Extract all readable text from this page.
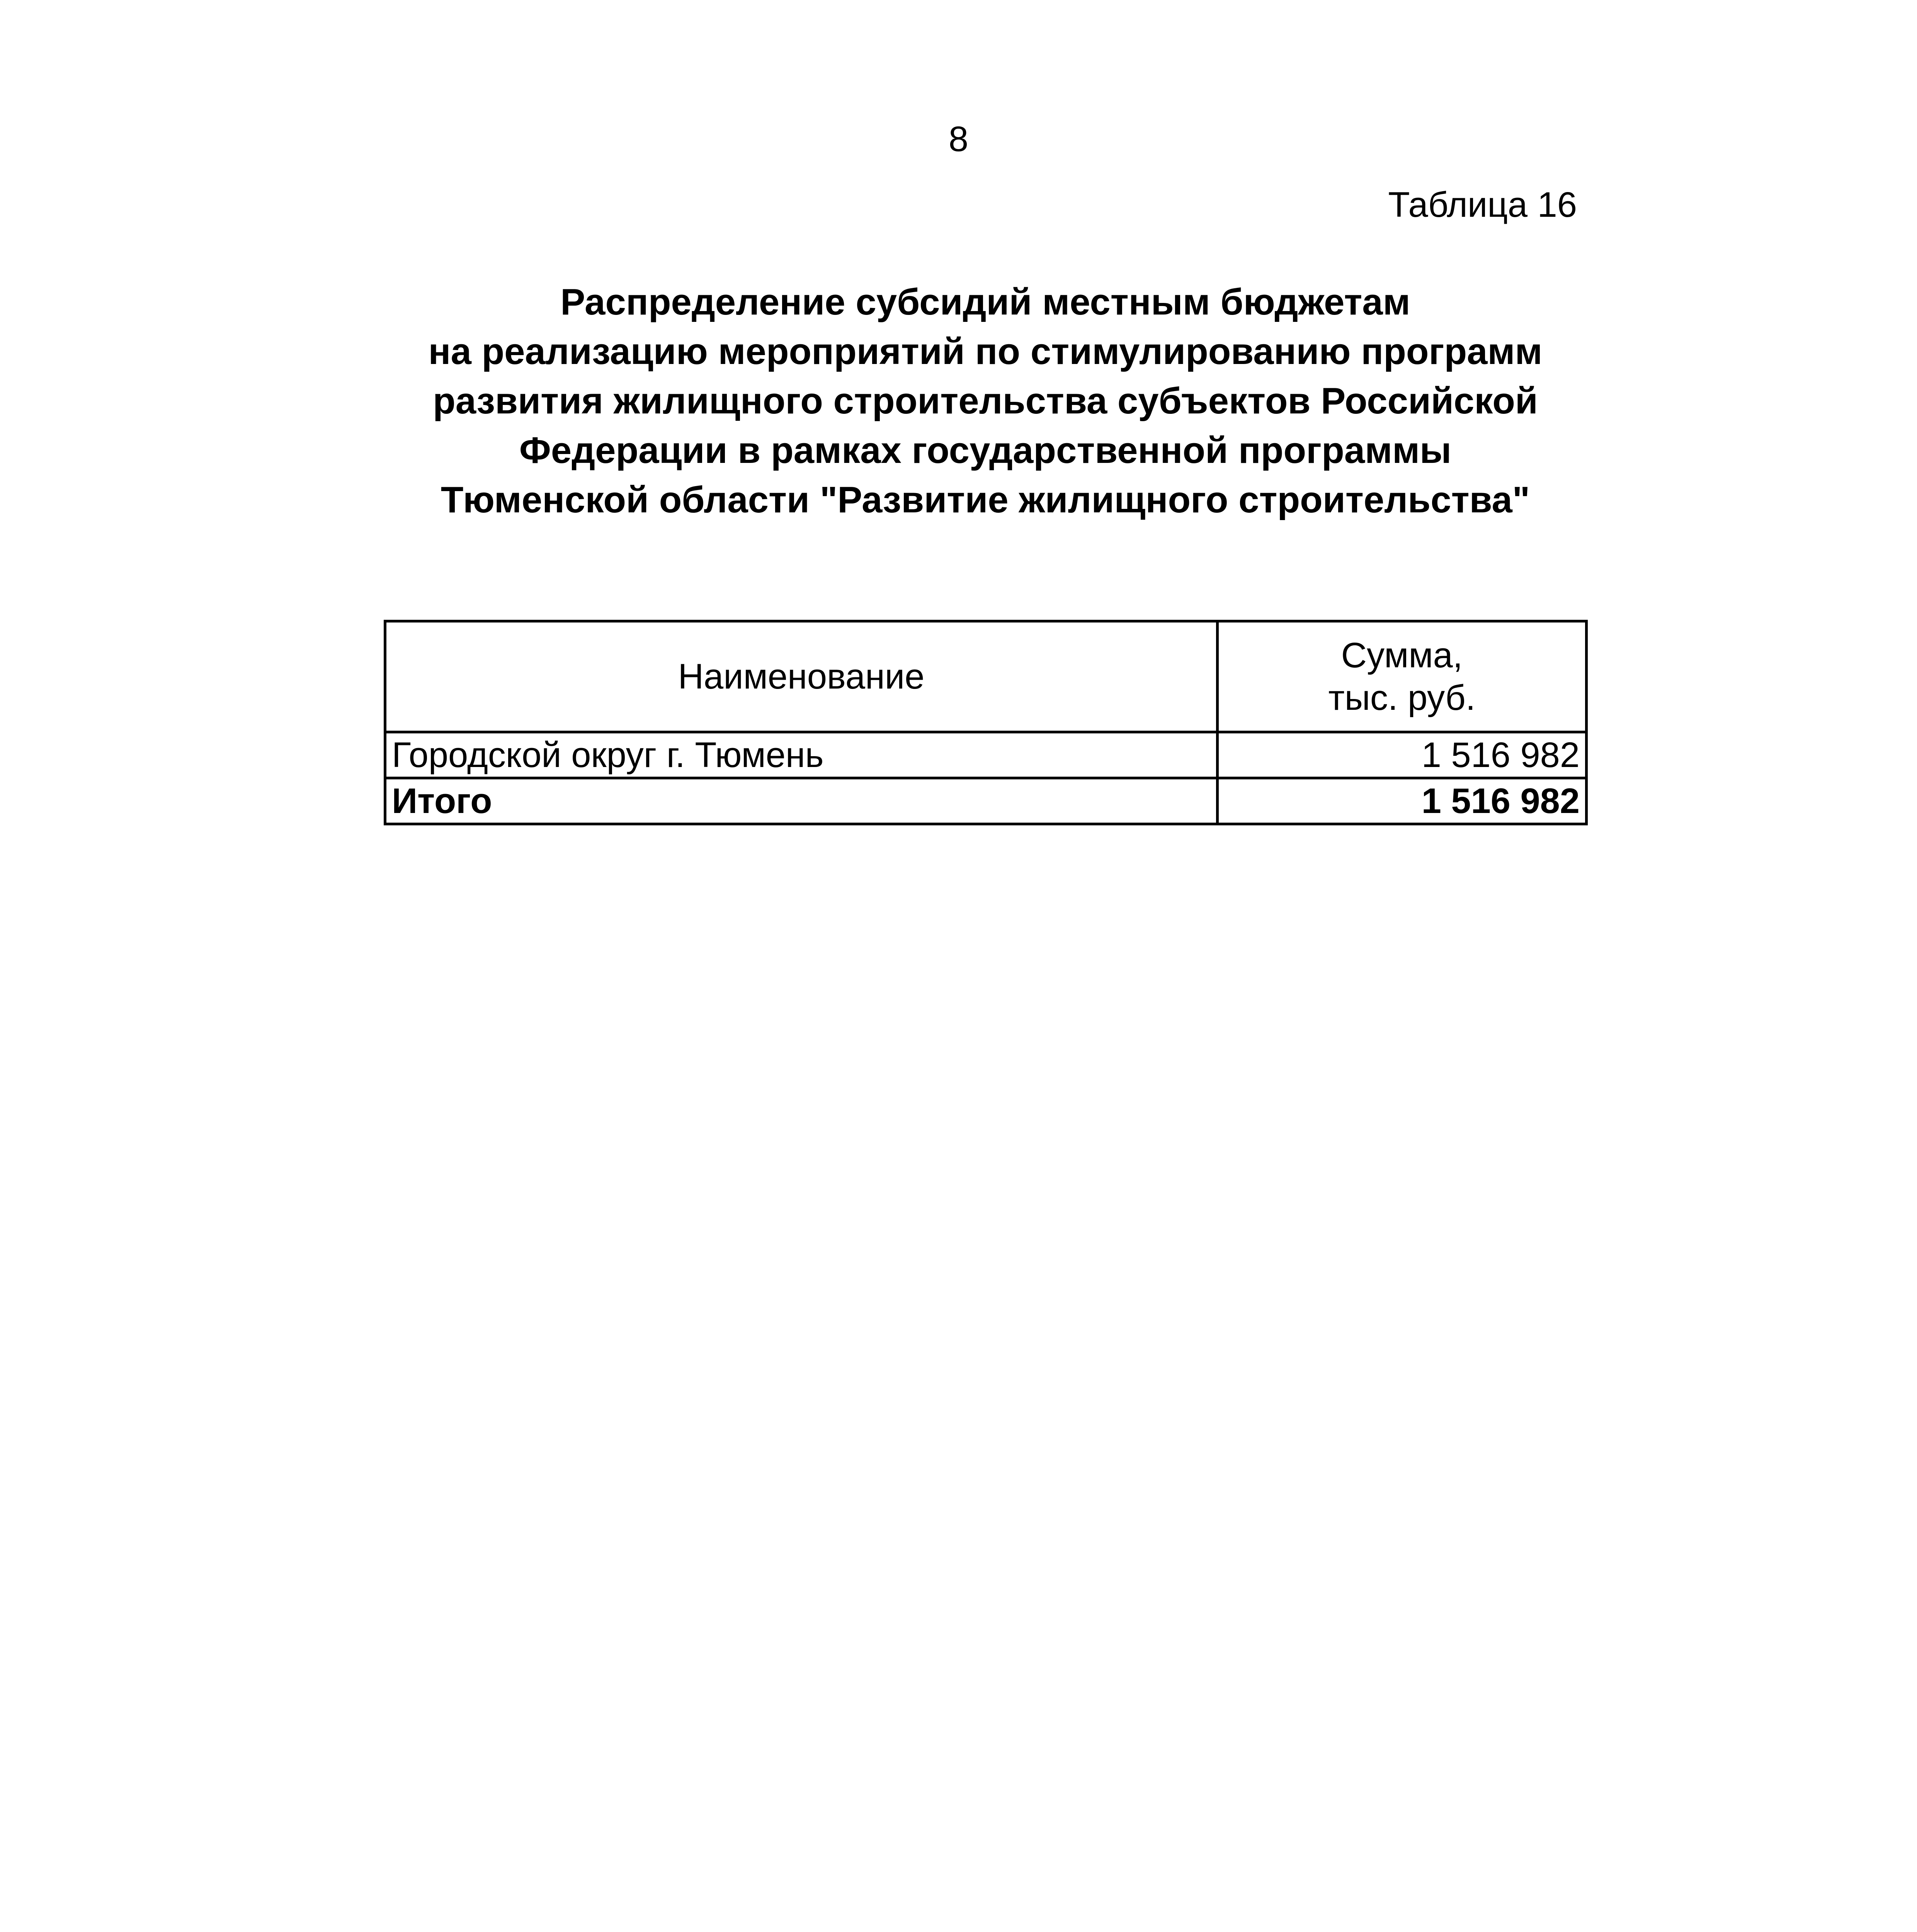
8
Таблица 16
Распределение субсидий местным бюджетам
на реализацию мероприятий по стимулированию программ
развития жилищного строительства субъектов Российской
Федерации в рамках государственной программы
Тюменской области "Развитие жилищного строительства"
Наименование	Сумма,
тыс. руб.

Городской округ г. Тюмень	1 516 982
Итого	1 516 982
